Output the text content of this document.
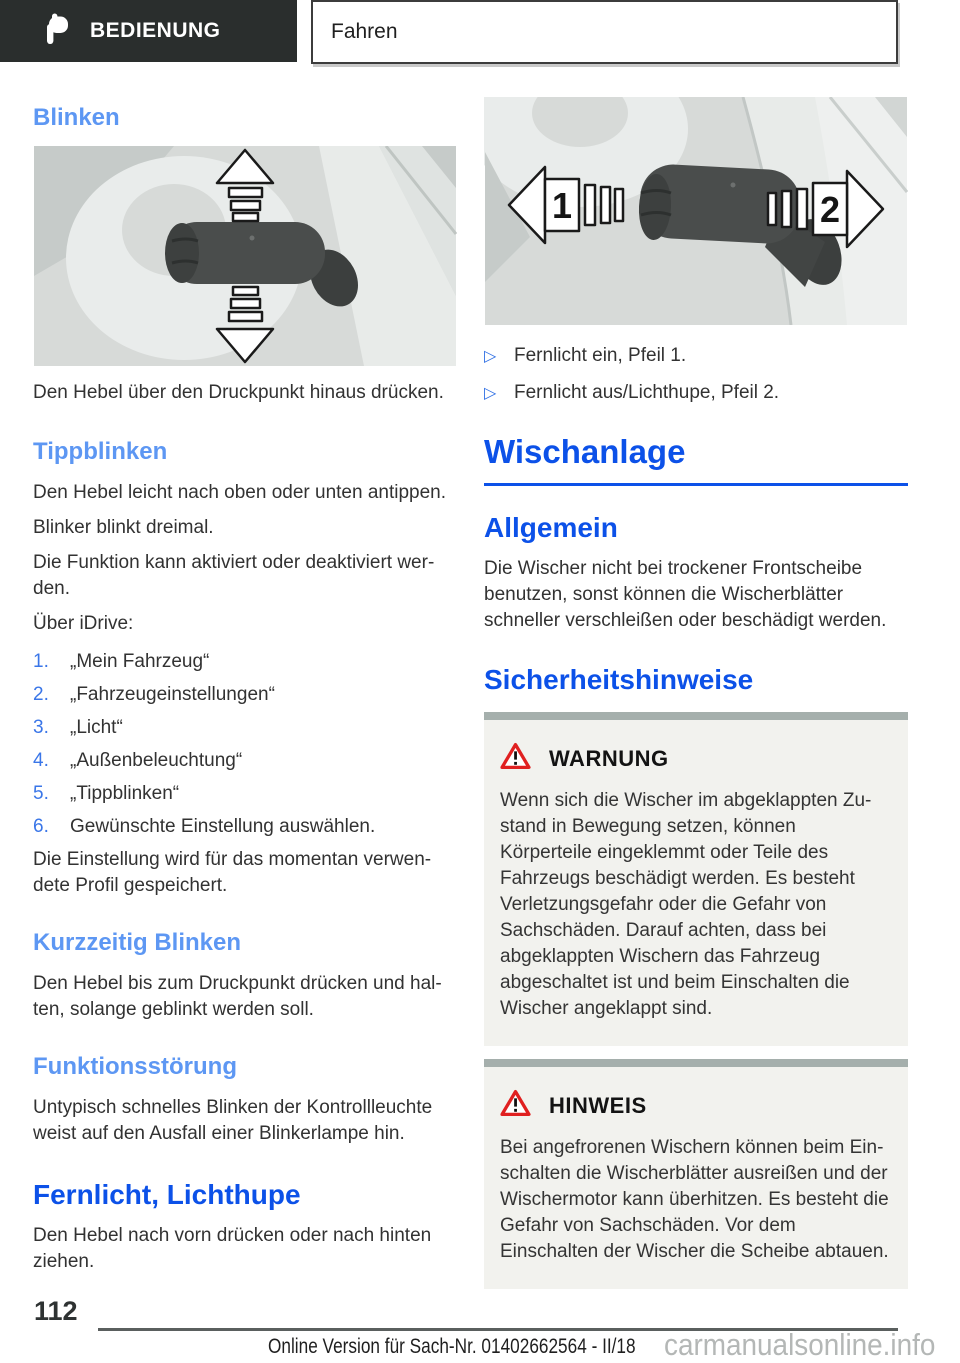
BEDIENUNG	Fahren
Blinken

Den Hebel über den Druckpunkt hinaus drücken.

Tippblinken

Den Hebel leicht nach oben oder unten antippen.

Blinker blinkt dreimal.

Die Funktion kann aktiviert oder deaktiviert werden.

Über iDrive:

1.	„Mein Fahrzeug“
2.	„Fahrzeugeinstellungen“
3.	„Licht“
4.	„Außenbeleuchtung“
5.	„Tippblinken“
6.	Gewünschte Einstellung auswählen.

Die Einstellung wird für das momentan verwendete Profil gespeichert.

Kurzzeitig Blinken

Den Hebel bis zum Druckpunkt drücken und halten, solange geblinkt werden soll.

Funktionsstörung

Untypisch schnelles Blinken der Kontrollleuchte weist auf den Ausfall einer Blinkerlampe hin.

Fernlicht, Lichthupe

Den Hebel nach vorn drücken oder nach hinten ziehen.

1	2
▷ Fernlicht ein, Pfeil 1.
▷ Fernlicht aus/Lichthupe, Pfeil 2.
Wischanlage
Allgemein

Die Wischer nicht bei trockener Frontscheibe benutzen, sonst können die Wischerblätter schneller verschleißen oder beschädigt werden.

Sicherheitshinweise
WARNUNG

Wenn sich die Wischer im abgeklappten Zustand in Bewegung setzen, können Körperteile eingeklemmt oder Teile des Fahrzeugs beschädigt werden. Es besteht Verletzungsgefahr oder die Gefahr von Sachschäden. Darauf achten, dass bei abgeklappten Wischern das Fahrzeug abgeschaltet ist und beim Einschalten die Wischer angeklappt sind.

HINWEIS

Bei angefrorenen Wischern können beim Einschalten die Wischerblätter ausreißen und der Wischermotor kann überhitzen. Es besteht die Gefahr von Sachschäden. Vor dem Einschalten der Wischer die Scheibe abtauen.

112
Online Version für Sach-Nr. 01402662564 - II/18 carmanualsonline.info
